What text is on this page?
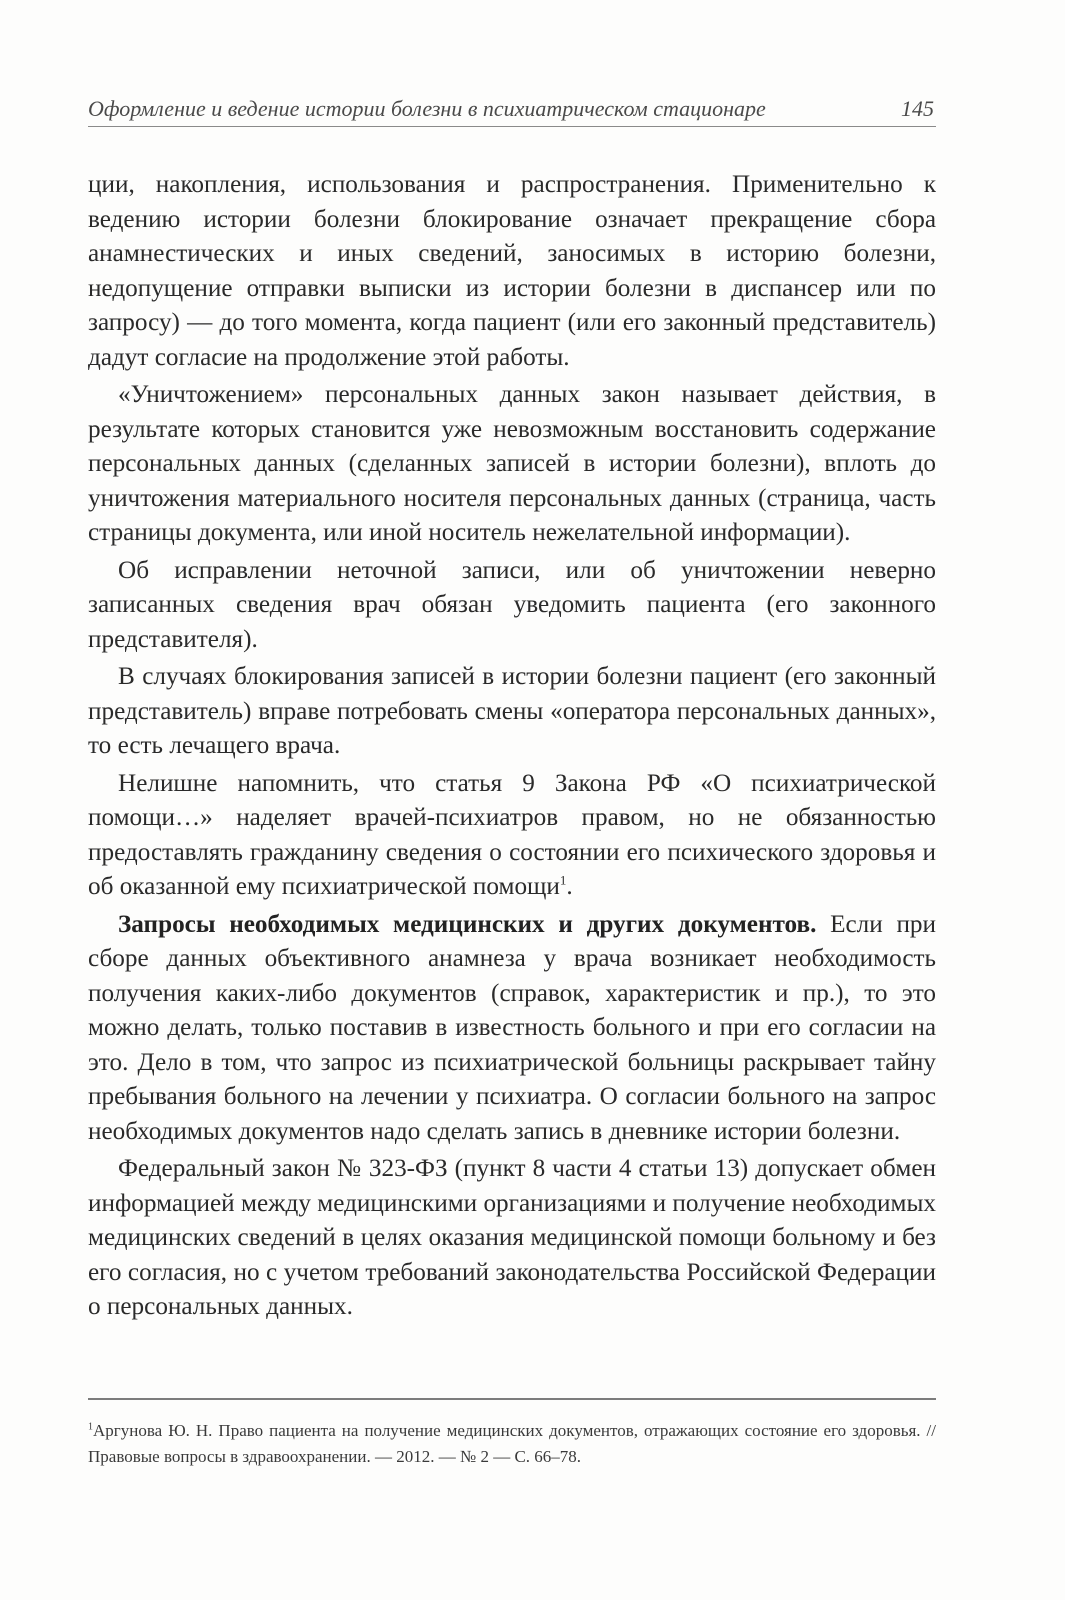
Оформление и ведение истории болезни в психиатрическом стационаре	145

ции, накопления, использования и распространения. Применительно к ведению истории болезни блокирование означает прекращение сбора анамнестических и иных сведений, заносимых в историю болезни, недопущение отправки выписки из истории болезни в диспансер или по запросу) — до того момента, когда пациент (или его законный представитель) дадут согласие на продолжение этой работы.

«Уничтожением» персональных данных закон называет действия, в результате которых становится уже невозможным восстановить содержание персональных данных (сделанных записей в истории болезни), вплоть до уничтожения материального носителя персональных данных (страница, часть страницы документа, или иной носитель нежелательной информации).

Об исправлении неточной записи, или об уничтожении неверно записанных сведения врач обязан уведомить пациента (его законного представителя).

В случаях блокирования записей в истории болезни пациент (его законный представитель) вправе потребовать смены «оператора персональных данных», то есть лечащего врача.

Нелишне напомнить, что статья 9 Закона РФ «О психиатрической помощи…» наделяет врачей-психиатров правом, но не обязанностью предоставлять гражданину сведения о состоянии его психического здоровья и об оказанной ему психиатрической помощи$^1$.

Запросы необходимых медицинских и других документов. Если при сборе данных объективного анамнеза у врача возникает необходимость получения каких-либо документов (справок, характеристик и пр.), то это можно делать, только поставив в известность больного и при его согласии на это. Дело в том, что запрос из психиатрической больницы раскрывает тайну пребывания больного на лечении у психиатра. О согласии больного на запрос необходимых документов надо сделать запись в дневнике истории болезни.

Федеральный закон № 323-ФЗ (пункт 8 части 4 статьи 13) допускает обмен информацией между медицинскими организациями и получение необходимых медицинских сведений в целях оказания медицинской помощи больному и без его согласия, но с учетом требований законодательства Российской Федерации о персональных данных.

$^1$Аргунова Ю. Н. Право пациента на получение медицинских документов, отражающих состояние его здоровья. // Правовые вопросы в здравоохранении. — 2012. — № 2 — С. 66–78.
